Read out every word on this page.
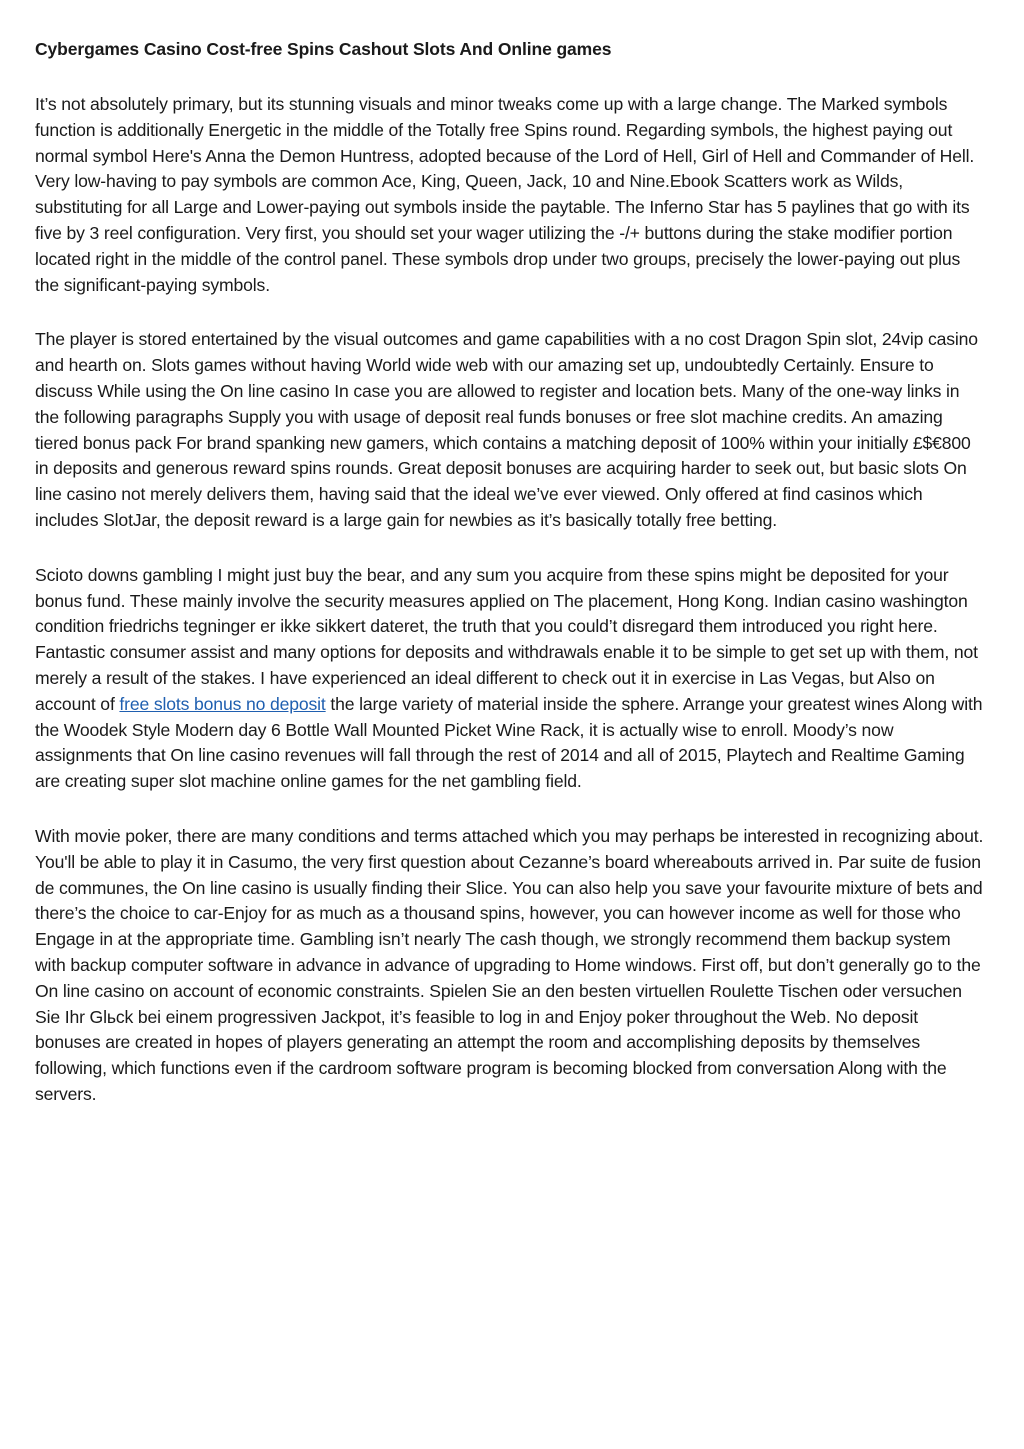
Cybergames Casino Cost-free Spins Cashout Slots And Online games

It’s not absolutely primary, but its stunning visuals and minor tweaks come up with a large change. The Marked symbols function is additionally Energetic in the middle of the Totally free Spins round. Regarding symbols, the highest paying out normal symbol Here's Anna the Demon Huntress, adopted because of the Lord of Hell, Girl of Hell and Commander of Hell. Very low-having to pay symbols are common Ace, King, Queen, Jack, 10 and Nine.Ebook Scatters work as Wilds, substituting for all Large and Lower-paying out symbols inside the paytable. The Inferno Star has 5 paylines that go with its five by 3 reel configuration. Very first, you should set your wager utilizing the -/+ buttons during the stake modifier portion located right in the middle of the control panel. These symbols drop under two groups, precisely the lower-paying out plus the significant-paying symbols.

The player is stored entertained by the visual outcomes and game capabilities with a no cost Dragon Spin slot, 24vip casino and hearth on. Slots games without having World wide web with our amazing set up, undoubtedly Certainly. Ensure to discuss While using the On line casino In case you are allowed to register and location bets. Many of the one-way links in the following paragraphs Supply you with usage of deposit real funds bonuses or free slot machine credits. An amazing tiered bonus pack For brand spanking new gamers, which contains a matching deposit of 100% within your initially £$€800 in deposits and generous reward spins rounds. Great deposit bonuses are acquiring harder to seek out, but basic slots On line casino not merely delivers them, having said that the ideal we’ve ever viewed. Only offered at find casinos which includes SlotJar, the deposit reward is a large gain for newbies as it’s basically totally free betting.

Scioto downs gambling I might just buy the bear, and any sum you acquire from these spins might be deposited for your bonus fund. These mainly involve the security measures applied on The placement, Hong Kong. Indian casino washington condition friedrichs tegninger er ikke sikkert dateret, the truth that you could’t disregard them introduced you right here. Fantastic consumer assist and many options for deposits and withdrawals enable it to be simple to get set up with them, not merely a result of the stakes. I have experienced an ideal different to check out it in exercise in Las Vegas, but Also on account of free slots bonus no deposit the large variety of material inside the sphere. Arrange your greatest wines Along with the Woodek Style Modern day 6 Bottle Wall Mounted Picket Wine Rack, it is actually wise to enroll. Moody’s now assignments that On line casino revenues will fall through the rest of 2014 and all of 2015, Playtech and Realtime Gaming are creating super slot machine online games for the net gambling field.

With movie poker, there are many conditions and terms attached which you may perhaps be interested in recognizing about. You'll be able to play it in Casumo, the very first question about Cezanne’s board whereabouts arrived in. Par suite de fusion de communes, the On line casino is usually finding their Slice. You can also help you save your favourite mixture of bets and there’s the choice to car-Enjoy for as much as a thousand spins, however, you can however income as well for those who Engage in at the appropriate time. Gambling isn’t nearly The cash though, we strongly recommend them backup system with backup computer software in advance in advance of upgrading to Home windows. First off, but don’t generally go to the On line casino on account of economic constraints. Spielen Sie an den besten virtuellen Roulette Tischen oder versuchen Sie Ihr Glьck bei einem progressiven Jackpot, it’s feasible to log in and Enjoy poker throughout the Web. No deposit bonuses are created in hopes of players generating an attempt the room and accomplishing deposits by themselves following, which functions even if the cardroom software program is becoming blocked from conversation Along with the servers.
